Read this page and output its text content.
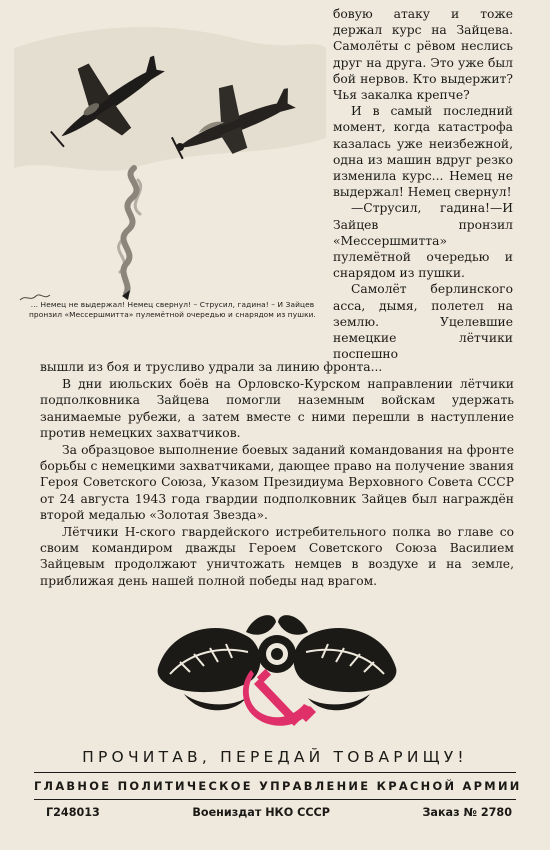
... Немец не выдержал! Немец свернул! – Струсил, гадина! – И Зайцев пронзил «Мессершмитта» пулемётной очередью и снарядом из пушки.

бовую атаку и тоже держал курс на Зайцева. Самолёты с рёвом неслись друг на друга. Это уже был бой нервов. Кто выдержит? Чья закалка крепче?

И в самый последний момент, когда катастрофа казалась уже неизбежной, одна из машин вдруг резко изменила курс... Немец не выдержал! Немец свернул!

—Струсил, гадина!—И Зайцев пронзил «Мессершмитта» пулемётной очередью и снарядом из пушки.

Самолёт берлинского асса, дымя, полетел на землю. Уцелевшие немецкие лётчики поспешно

вышли из боя и трусливо удрали за линию фронта...

В дни июльских боёв на Орловско-Курском направлении лётчики подполковника Зайцева помогли наземным войскам удержать занимаемые рубежи, а затем вместе с ними перешли в наступление против немецких захватчиков.

За образцовое выполнение боевых заданий командования на фронте борьбы с немецкими захватчиками, дающее право на получение звания Героя Советского Союза, Указом Президиума Верховного Совета СССР от 24 августа 1943 года гвардии подполковник Зайцев был награждён второй медалью «Золотая Звезда».

Лётчики Н-ского гвардейского истребительного полка во главе со своим командиром дважды Героем Советского Союза Василием Зайцевым продолжают уничтожать немцев в воздухе и на земле, приближая день нашей полной победы над врагом.

ПРОЧИТАВ, ПЕРЕДАЙ ТОВАРИЩУ!
ГЛАВНОЕ ПОЛИТИЧЕСКОЕ УПРАВЛЕНИЕ КРАСНОЙ АРМИИ
Г248013	Воениздат НКО СССР	Заказ № 2780
